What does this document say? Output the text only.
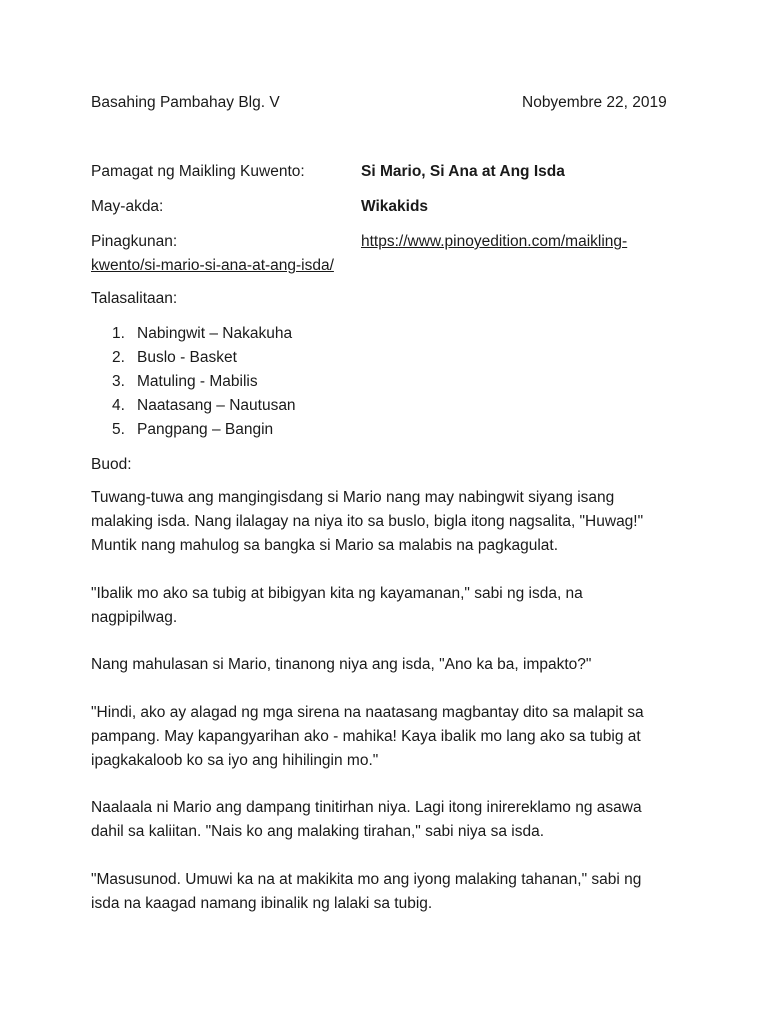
Basahing Pambahay Blg. V	Nobyembre 22, 2019
Pamagat ng Maikling Kuwento:	Si Mario, Si Ana at Ang Isda
May-akda:	Wikakids
Pinagkunan:	https://www.pinoyedition.com/maikling-
kwento/si-mario-si-ana-at-ang-isda/
Talasalitaan:
1. Nabingwit – Nakakuha
2. Buslo - Basket
3. Matuling - Mabilis
4. Naatasang – Nautusan
5. Pangpang – Bangin
Buod:

Tuwang-tuwa ang mangingisdang si Mario nang may nabingwit siyang isang
malaking isda. Nang ilalagay na niya ito sa buslo, bigla itong nagsalita, "Huwag!"
Muntik nang mahulog sa bangka si Mario sa malabis na pagkagulat.

"Ibalik mo ako sa tubig at bibigyan kita ng kayamanan," sabi ng isda, na
nagpipilwag.

Nang mahulasan si Mario, tinanong niya ang isda, "Ano ka ba, impakto?"

"Hindi, ako ay alagad ng mga sirena na naatasang magbantay dito sa malapit sa
pampang. May kapangyarihan ako - mahika! Kaya ibalik mo lang ako sa tubig at
ipagkakaloob ko sa iyo ang hihilingin mo."

Naalaala ni Mario ang dampang tinitirhan niya. Lagi itong inirereklamo ng asawa
dahil sa kaliitan. "Nais ko ang malaking tirahan," sabi niya sa isda.

"Masusunod. Umuwi ka na at makikita mo ang iyong malaking tahanan," sabi ng
isda na kaagad namang ibinalik ng lalaki sa tubig.
